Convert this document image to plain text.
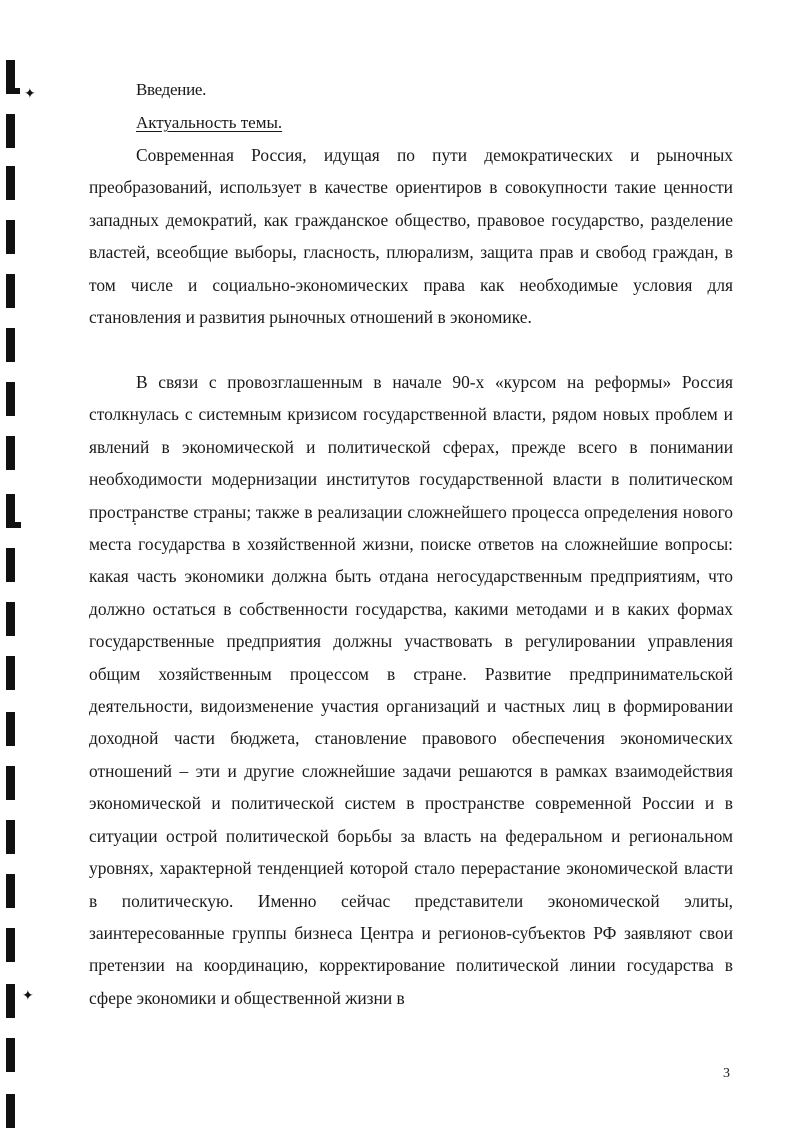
✦
✦
Введение.
Актуальность темы.

Современная Россия, идущая по пути демократических и рыночных преобразований, использует в качестве ориентиров в совокупности такие ценности западных демократий, как гражданское общество, правовое государство, разделение властей, всеобщие выборы, гласность, плюрализм, защита прав и свобод граждан, в том числе и социально-экономических права как необходимые условия для становления и развития рыночных отношений в экономике.

В связи с провозглашенным в начале 90-х «курсом на реформы» Россия столкнулась с системным кризисом государственной власти, рядом новых проблем и явлений в экономической и политической сферах, прежде всего в понимании необходимости модернизации институтов государственной власти в политическом пространстве страны; также в реализации сложнейшего процесса определения нового места государства в хозяйственной жизни, поиске ответов на сложнейшие вопросы: какая часть экономики должна быть отдана негосударственным предприятиям, что должно остаться в собственности государства, какими методами и в каких формах государственные предприятия должны участвовать в регулировании управления общим хозяйственным процессом в стране. Развитие предпринимательской деятельности, видоизменение участия организаций и частных лиц в формировании доходной части бюджета, становление правового обеспечения экономических отношений – эти и другие сложнейшие задачи решаются в рамках взаимодействия экономической и политической систем в пространстве современной России и в ситуации острой политической борьбы за власть на федеральном и региональном уровнях, характерной тенденцией которой стало перерастание экономической власти в политическую. Именно сейчас представители экономической элиты, заинтересованные группы бизнеса Центра и регионов-субъектов РФ заявляют свои претензии на координацию, корректирование политической линии государства в сфере экономики и общественной жизни в

3
